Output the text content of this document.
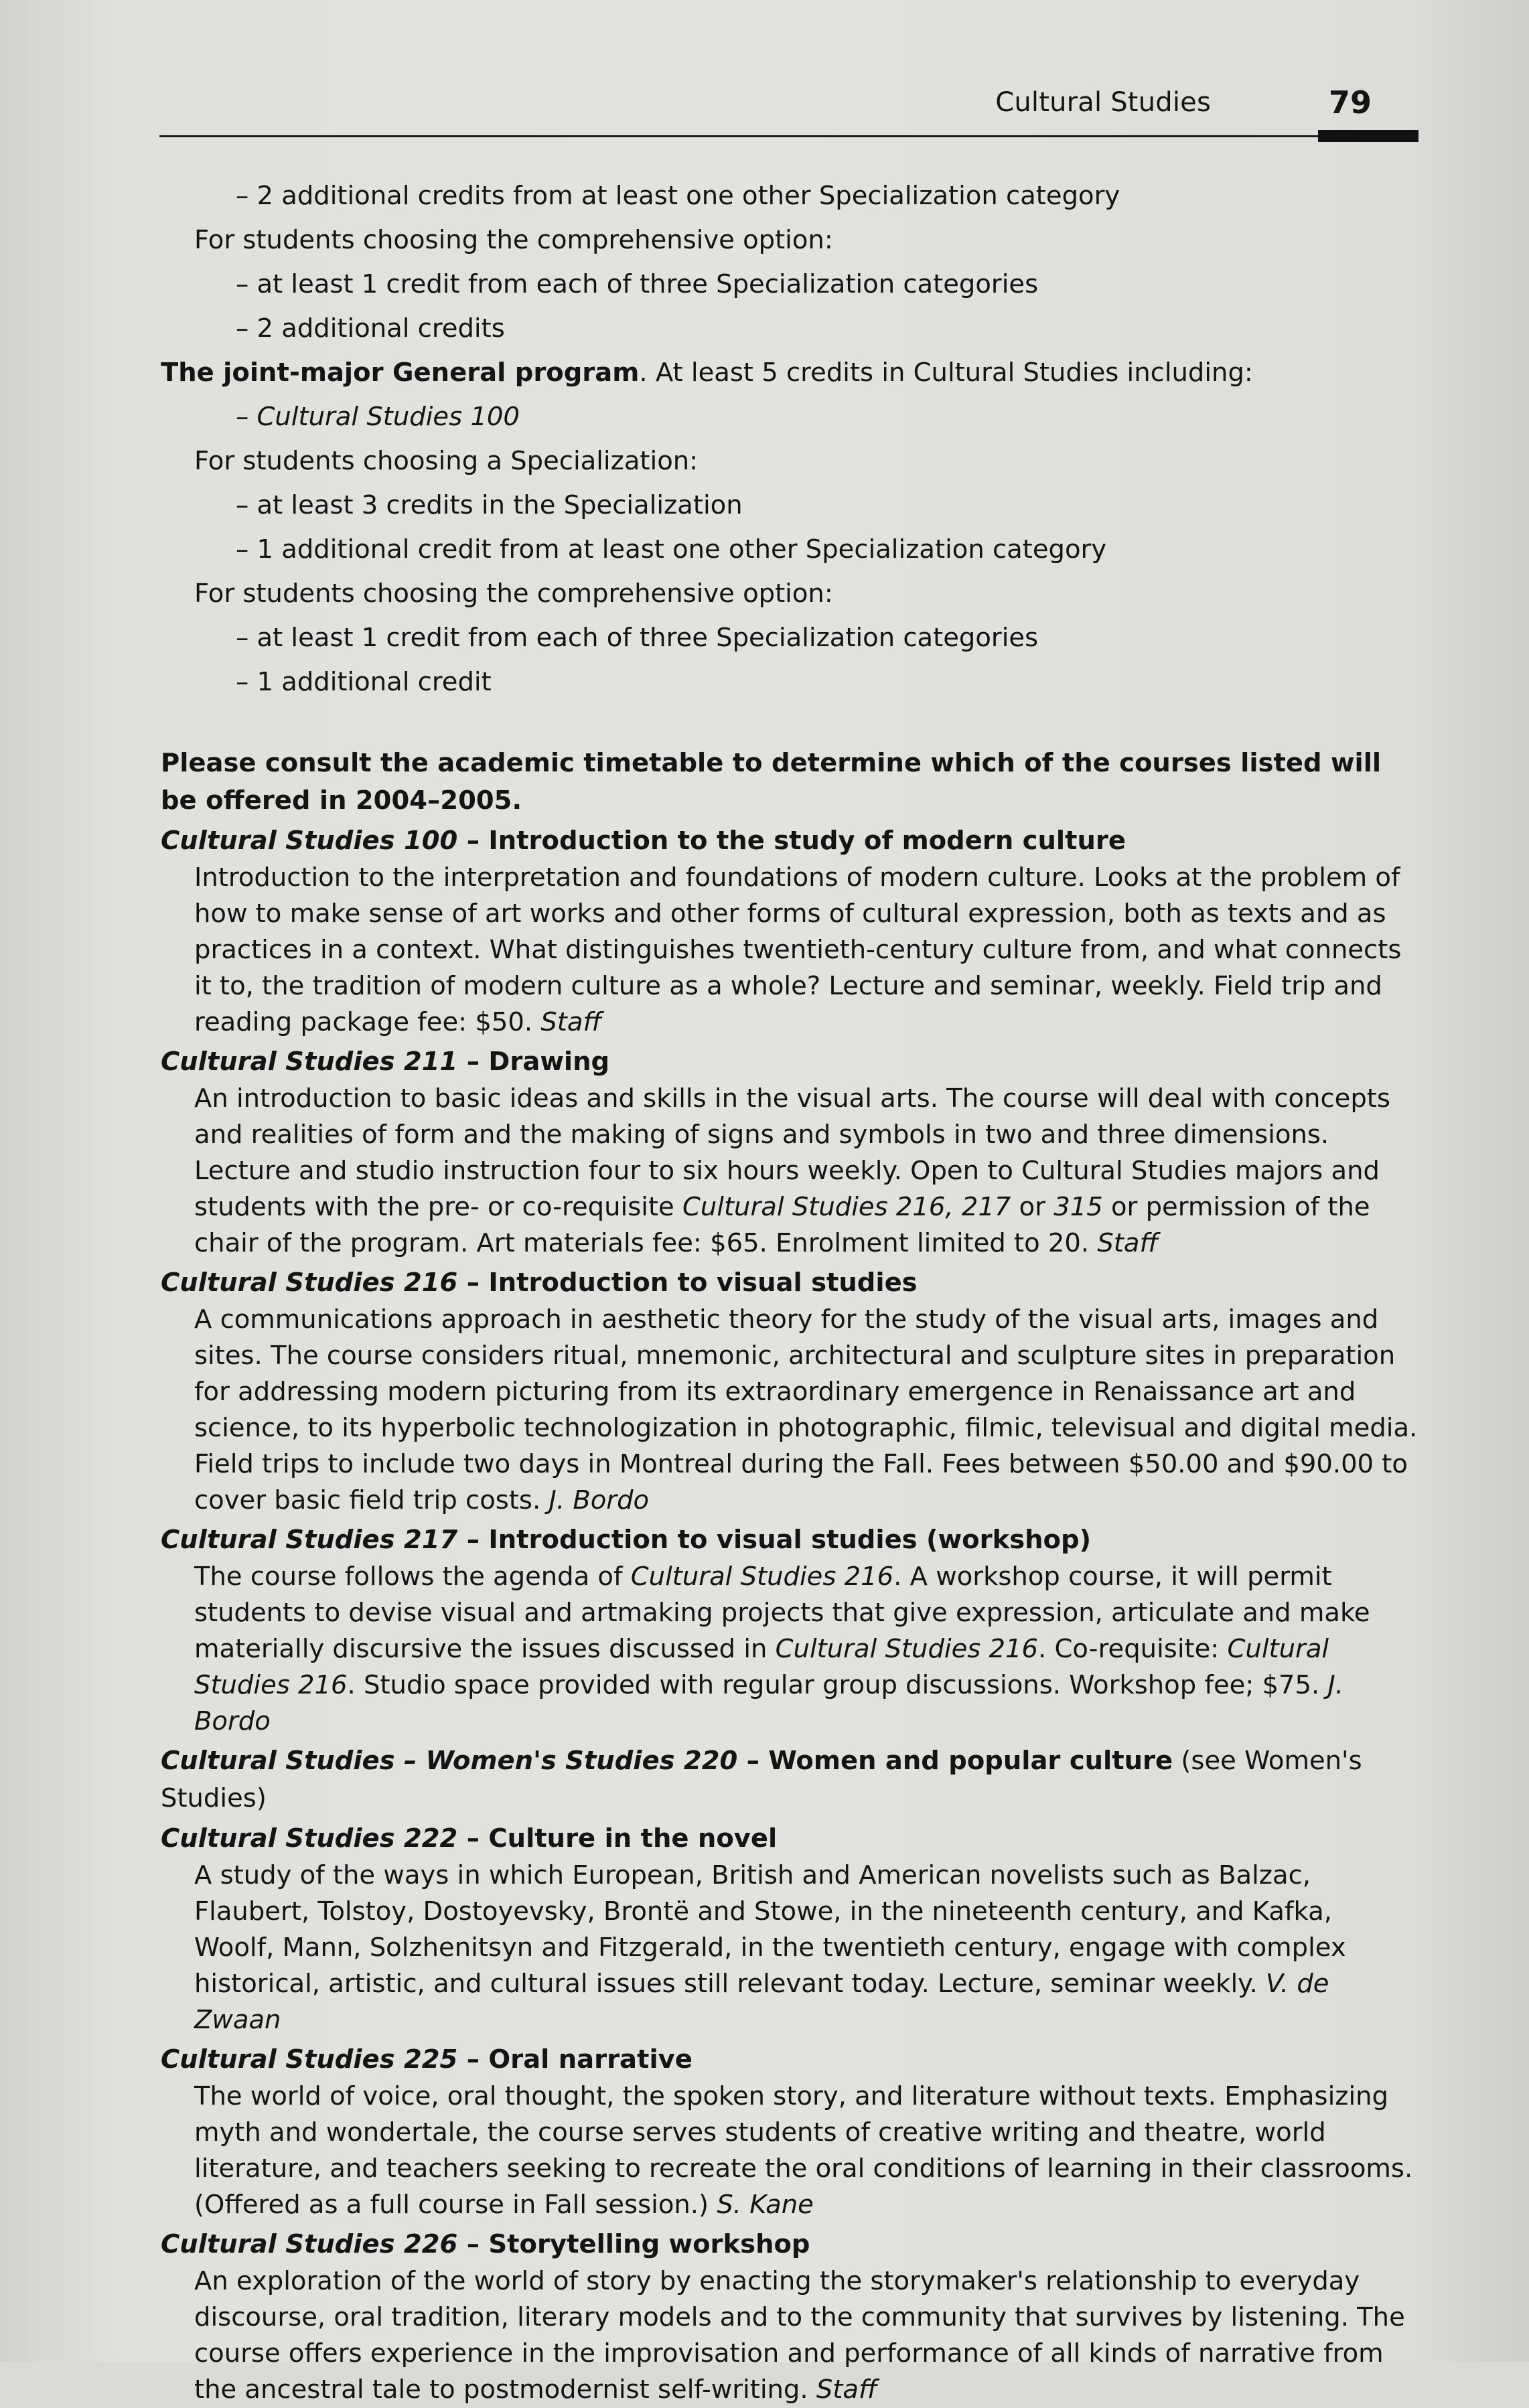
Cultural Studies	79
– 2 additional credits from at least one other Specialization category
For students choosing the comprehensive option:
– at least 1 credit from each of three Specialization categories
– 2 additional credits
The joint-major General program. At least 5 credits in Cultural Studies including:
– Cultural Studies 100
For students choosing a Specialization:
– at least 3 credits in the Specialization
– 1 additional credit from at least one other Specialization category
For students choosing the comprehensive option:
– at least 1 credit from each of three Specialization categories
– 1 additional credit
Please consult the academic timetable to determine which of the courses listed will be offered in 2004–2005.
Cultural Studies 100 – Introduction to the study of modern culture
Introduction to the interpretation and foundations of modern culture. Looks at the problem of how to make sense of art works and other forms of cultural expression, both as texts and as practices in a context. What distinguishes twentieth-century culture from, and what connects it to, the tradition of modern culture as a whole? Lecture and seminar, weekly. Field trip and reading package fee: $50. Staff
Cultural Studies 211 – Drawing
An introduction to basic ideas and skills in the visual arts. The course will deal with concepts and realities of form and the making of signs and symbols in two and three dimensions. Lecture and studio instruction four to six hours weekly. Open to Cultural Studies majors and students with the pre- or co-requisite Cultural Studies 216, 217 or 315 or permission of the chair of the program. Art materials fee: $65. Enrolment limited to 20. Staff
Cultural Studies 216 – Introduction to visual studies
A communications approach in aesthetic theory for the study of the visual arts, images and sites. The course considers ritual, mnemonic, architectural and sculpture sites in preparation for addressing modern picturing from its extraordinary emergence in Renaissance art and science, to its hyperbolic technologization in photographic, filmic, televisual and digital media. Field trips to include two days in Montreal during the Fall. Fees between $50.00 and $90.00 to cover basic field trip costs. J. Bordo
Cultural Studies 217 – Introduction to visual studies (workshop)
The course follows the agenda of Cultural Studies 216. A workshop course, it will permit students to devise visual and artmaking projects that give expression, articulate and make materially discursive the issues discussed in Cultural Studies 216. Co-requisite: Cultural Studies 216. Studio space provided with regular group discussions. Workshop fee; $75. J. Bordo
Cultural Studies – Women's Studies 220 – Women and popular culture (see Women's Studies)
Cultural Studies 222 – Culture in the novel
A study of the ways in which European, British and American novelists such as Balzac, Flaubert, Tolstoy, Dostoyevsky, Brontë and Stowe, in the nineteenth century, and Kafka, Woolf, Mann, Solzhenitsyn and Fitzgerald, in the twentieth century, engage with complex historical, artistic, and cultural issues still relevant today. Lecture, seminar weekly. V. de Zwaan
Cultural Studies 225 – Oral narrative
The world of voice, oral thought, the spoken story, and literature without texts. Emphasizing myth and wondertale, the course serves students of creative writing and theatre, world literature, and teachers seeking to recreate the oral conditions of learning in their classrooms. (Offered as a full course in Fall session.) S. Kane
Cultural Studies 226 – Storytelling workshop
An exploration of the world of story by enacting the storymaker's relationship to everyday discourse, oral tradition, literary models and to the community that survives by listening. The course offers experience in the improvisation and performance of all kinds of narrative from the ancestral tale to postmodernist self-writing. Staff
